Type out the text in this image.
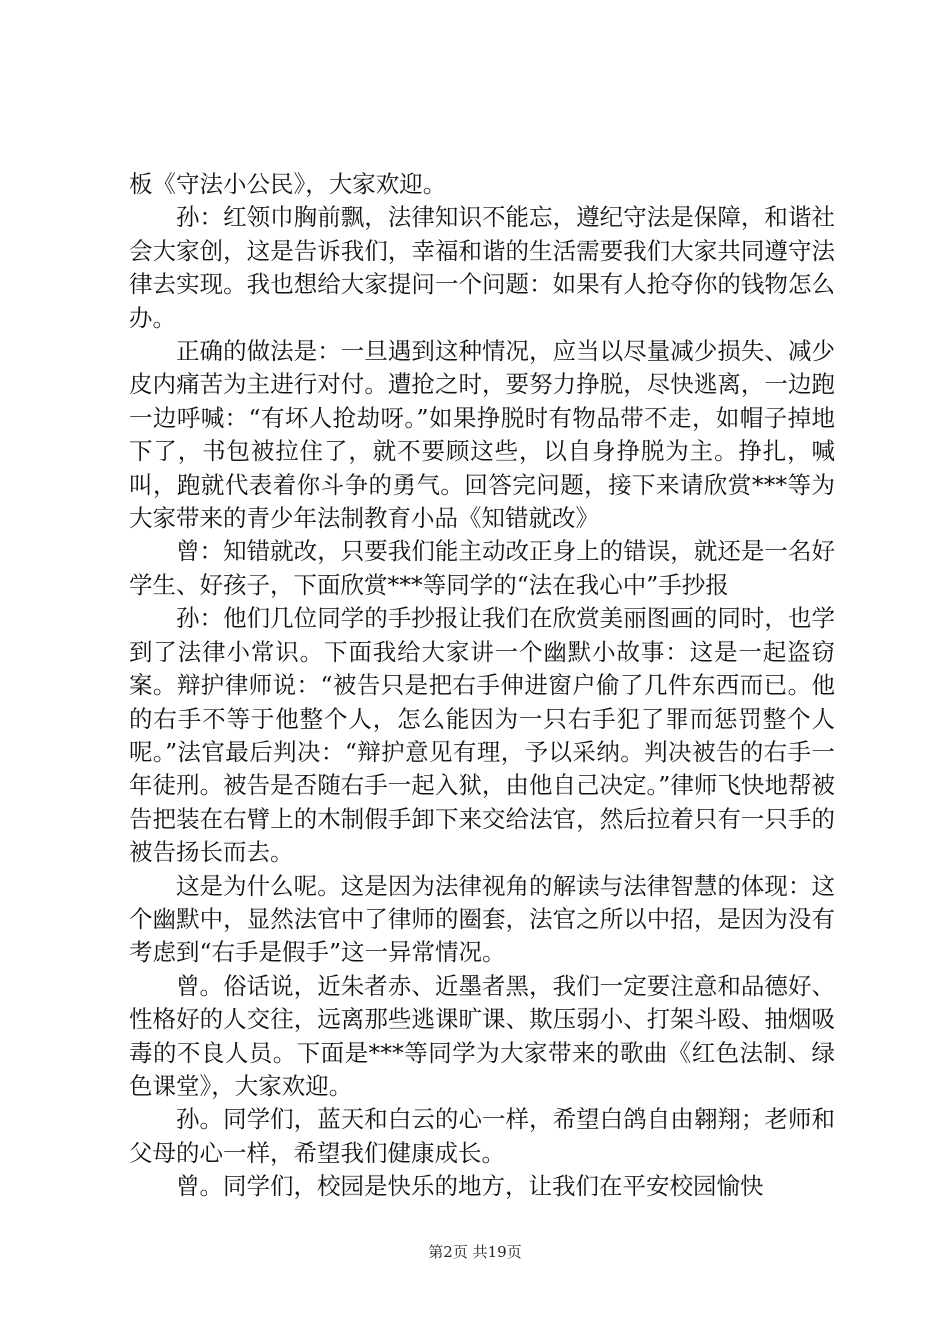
板《守法小公民》，大家欢迎。

孙：红领巾胸前飘，法律知识不能忘，遵纪守法是保障，和谐社会大家创，这是告诉我们，幸福和谐的生活需要我们大家共同遵守法律去实现。我也想给大家提问一个问题：如果有人抢夺你的钱物怎么办。

正确的做法是：一旦遇到这种情况，应当以尽量减少损失、减少皮内痛苦为主进行对付。遭抢之时，要努力挣脱，尽快逃离，一边跑一边呼喊：“有坏人抢劫呀。”如果挣脱时有物品带不走，如帽子掉地下了，书包被拉住了，就不要顾这些，以自身挣脱为主。挣扎，喊叫，跑就代表着你斗争的勇气。回答完问题，接下来请欣赏***等为大家带来的青少年法制教育小品《知错就改》

曾：知错就改，只要我们能主动改正身上的错误，就还是一名好学生、好孩子，下面欣赏***等同学的“法在我心中”手抄报

孙：他们几位同学的手抄报让我们在欣赏美丽图画的同时，也学到了法律小常识。下面我给大家讲一个幽默小故事：这是一起盗窃案。辩护律师说：“被告只是把右手伸进窗户偷了几件东西而已。他的右手不等于他整个人，怎么能因为一只右手犯了罪而惩罚整个人呢。”法官最后判决：“辩护意见有理，予以采纳。判决被告的右手一年徒刑。被告是否随右手一起入狱，由他自己决定。”律师飞快地帮被告把装在右臂上的木制假手卸下来交给法官，然后拉着只有一只手的被告扬长而去。

这是为什么呢。这是因为法律视角的解读与法律智慧的体现：这个幽默中，显然法官中了律师的圈套，法官之所以中招，是因为没有考虑到“右手是假手”这一异常情况。

曾。俗话说，近朱者赤、近墨者黑，我们一定要注意和品德好、性格好的人交往，远离那些逃课旷课、欺压弱小、打架斗殴、抽烟吸毒的不良人员。下面是***等同学为大家带来的歌曲《红色法制、绿色课堂》，大家欢迎。

孙。同学们，蓝天和白云的心一样，希望白鸽自由翱翔；老师和父母的心一样，希望我们健康成长。

曾。同学们，校园是快乐的地方，让我们在平安校园愉快

第2页 共19页
